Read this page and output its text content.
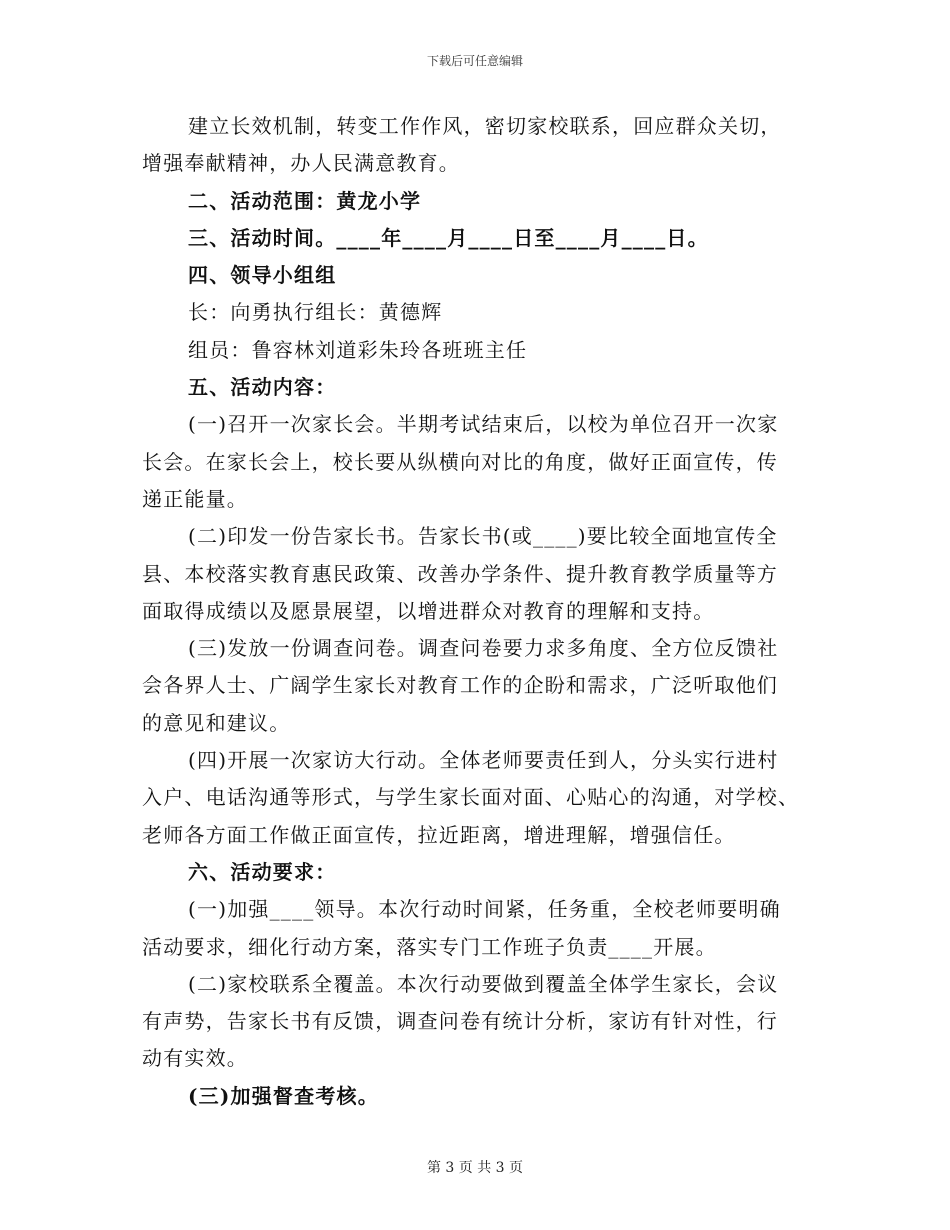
下载后可任意编辑
建立长效机制，转变工作作风，密切家校联系，回应群众关切，
增强奉献精神，办人民满意教育。
二、活动范围：黄龙小学
三、活动时间。____年____月____日至____月____日。
四、领导小组组
长：向勇执行组长：黄德辉
组员：鲁容林刘道彩朱玲各班班主任
五、活动内容：
(一)召开一次家长会。半期考试结束后，以校为单位召开一次家
长会。在家长会上，校长要从纵横向对比的角度，做好正面宣传，传
递正能量。
(二)印发一份告家长书。告家长书(或____)要比较全面地宣传全
县、本校落实教育惠民政策、改善办学条件、提升教育教学质量等方
面取得成绩以及愿景展望，以增进群众对教育的理解和支持。
(三)发放一份调查问卷。调查问卷要力求多角度、全方位反馈社
会各界人士、广阔学生家长对教育工作的企盼和需求，广泛听取他们
的意见和建议。
(四)开展一次家访大行动。全体老师要责任到人，分头实行进村
入户、电话沟通等形式，与学生家长面对面、心贴心的沟通，对学校、
老师各方面工作做正面宣传，拉近距离，增进理解，增强信任。
六、活动要求：
(一)加强____领导。本次行动时间紧，任务重，全校老师要明确
活动要求，细化行动方案，落实专门工作班子负责____开展。
(二)家校联系全覆盖。本次行动要做到覆盖全体学生家长，会议
有声势，告家长书有反馈，调查问卷有统计分析，家访有针对性，行
动有实效。
(三)加强督查考核。
第 3 页 共 3 页
